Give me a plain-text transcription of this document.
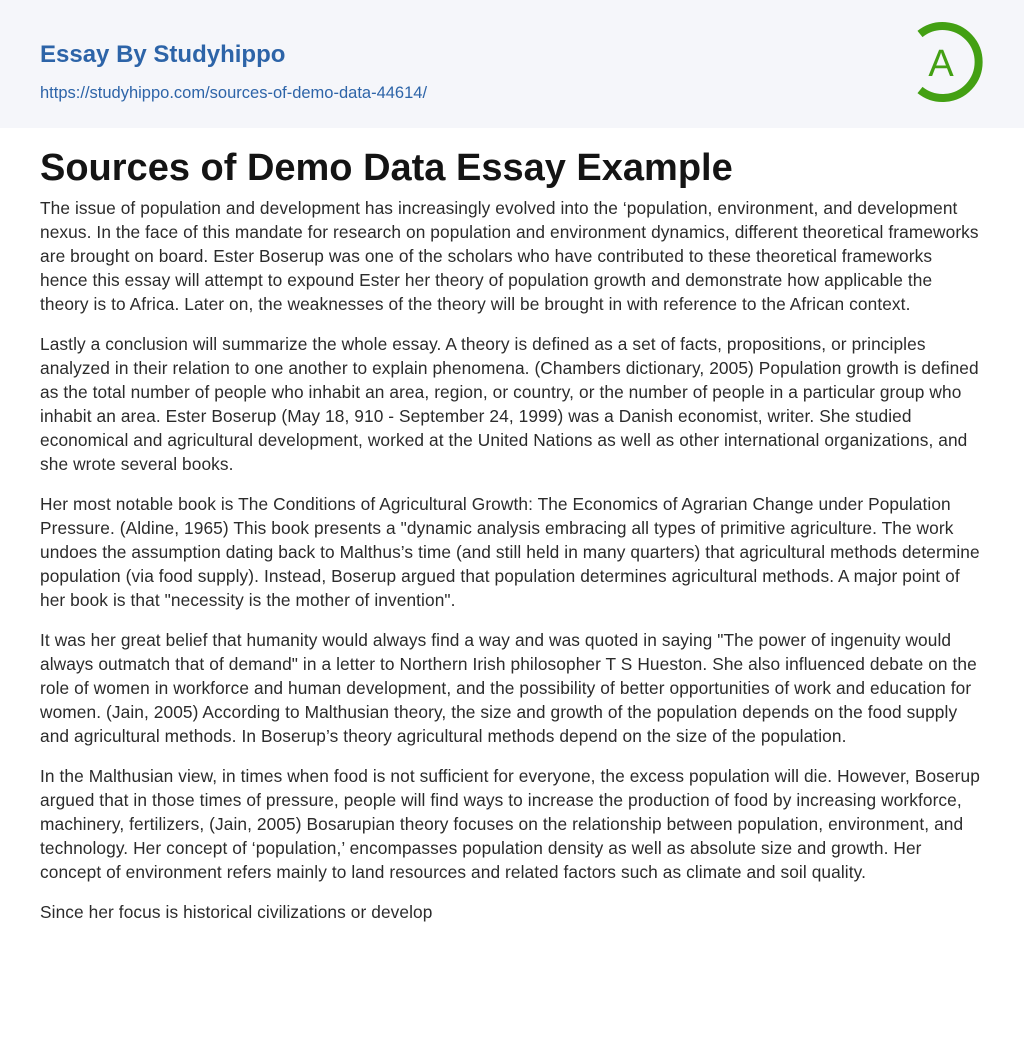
Essay By Studyhippo
https://studyhippo.com/sources-of-demo-data-44614/
A
Sources of Demo Data Essay Example

The issue of population and development has increasingly evolved into the ‘population, environment, and development nexus. In the face of this mandate for research on population and environment dynamics, different theoretical frameworks are brought on board. Ester Boserup was one of the scholars who have contributed to these theoretical frameworks hence this essay will attempt to expound Ester her theory of population growth and demonstrate how applicable the theory is to Africa. Later on, the weaknesses of the theory will be brought in with reference to the African context.

Lastly a conclusion will summarize the whole essay. A theory is defined as a set of facts, propositions, or principles analyzed in their relation to one another to explain phenomena. (Chambers dictionary, 2005) Population growth is defined as the total number of people who inhabit an area, region, or country, or the number of people in a particular group who inhabit an area. Ester Boserup (May 18, 910 - September 24, 1999) was a Danish economist, writer. She studied economical and agricultural development, worked at the United Nations as well as other international organizations, and she wrote several books.

Her most notable book is The Conditions of Agricultural Growth: The Economics of Agrarian Change under Population Pressure. (Aldine, 1965) This book presents a "dynamic analysis embracing all types of primitive agriculture. The work undoes the assumption dating back to Malthus’s time (and still held in many quarters) that agricultural methods determine population (via food supply). Instead, Boserup argued that population determines agricultural methods. A major point of her book is that "necessity is the mother of invention".

It was her great belief that humanity would always find a way and was quoted in saying "The power of ingenuity would always outmatch that of demand" in a letter to Northern Irish philosopher T S Hueston. She also influenced debate on the role of women in workforce and human development, and the possibility of better opportunities of work and education for women. (Jain, 2005) According to Malthusian theory, the size and growth of the population depends on the food supply and agricultural methods. In Boserup’s theory agricultural methods depend on the size of the population.

In the Malthusian view, in times when food is not sufficient for everyone, the excess population will die. However, Boserup argued that in those times of pressure, people will find ways to increase the production of food by increasing workforce, machinery, fertilizers, (Jain, 2005) Bosarupian theory focuses on the relationship between population, environment, and technology. Her concept of ‘population,’ encompasses population density as well as absolute size and growth. Her concept of environment refers mainly to land resources and related factors such as climate and soil quality.

Since her focus is historical civilizations or develop
